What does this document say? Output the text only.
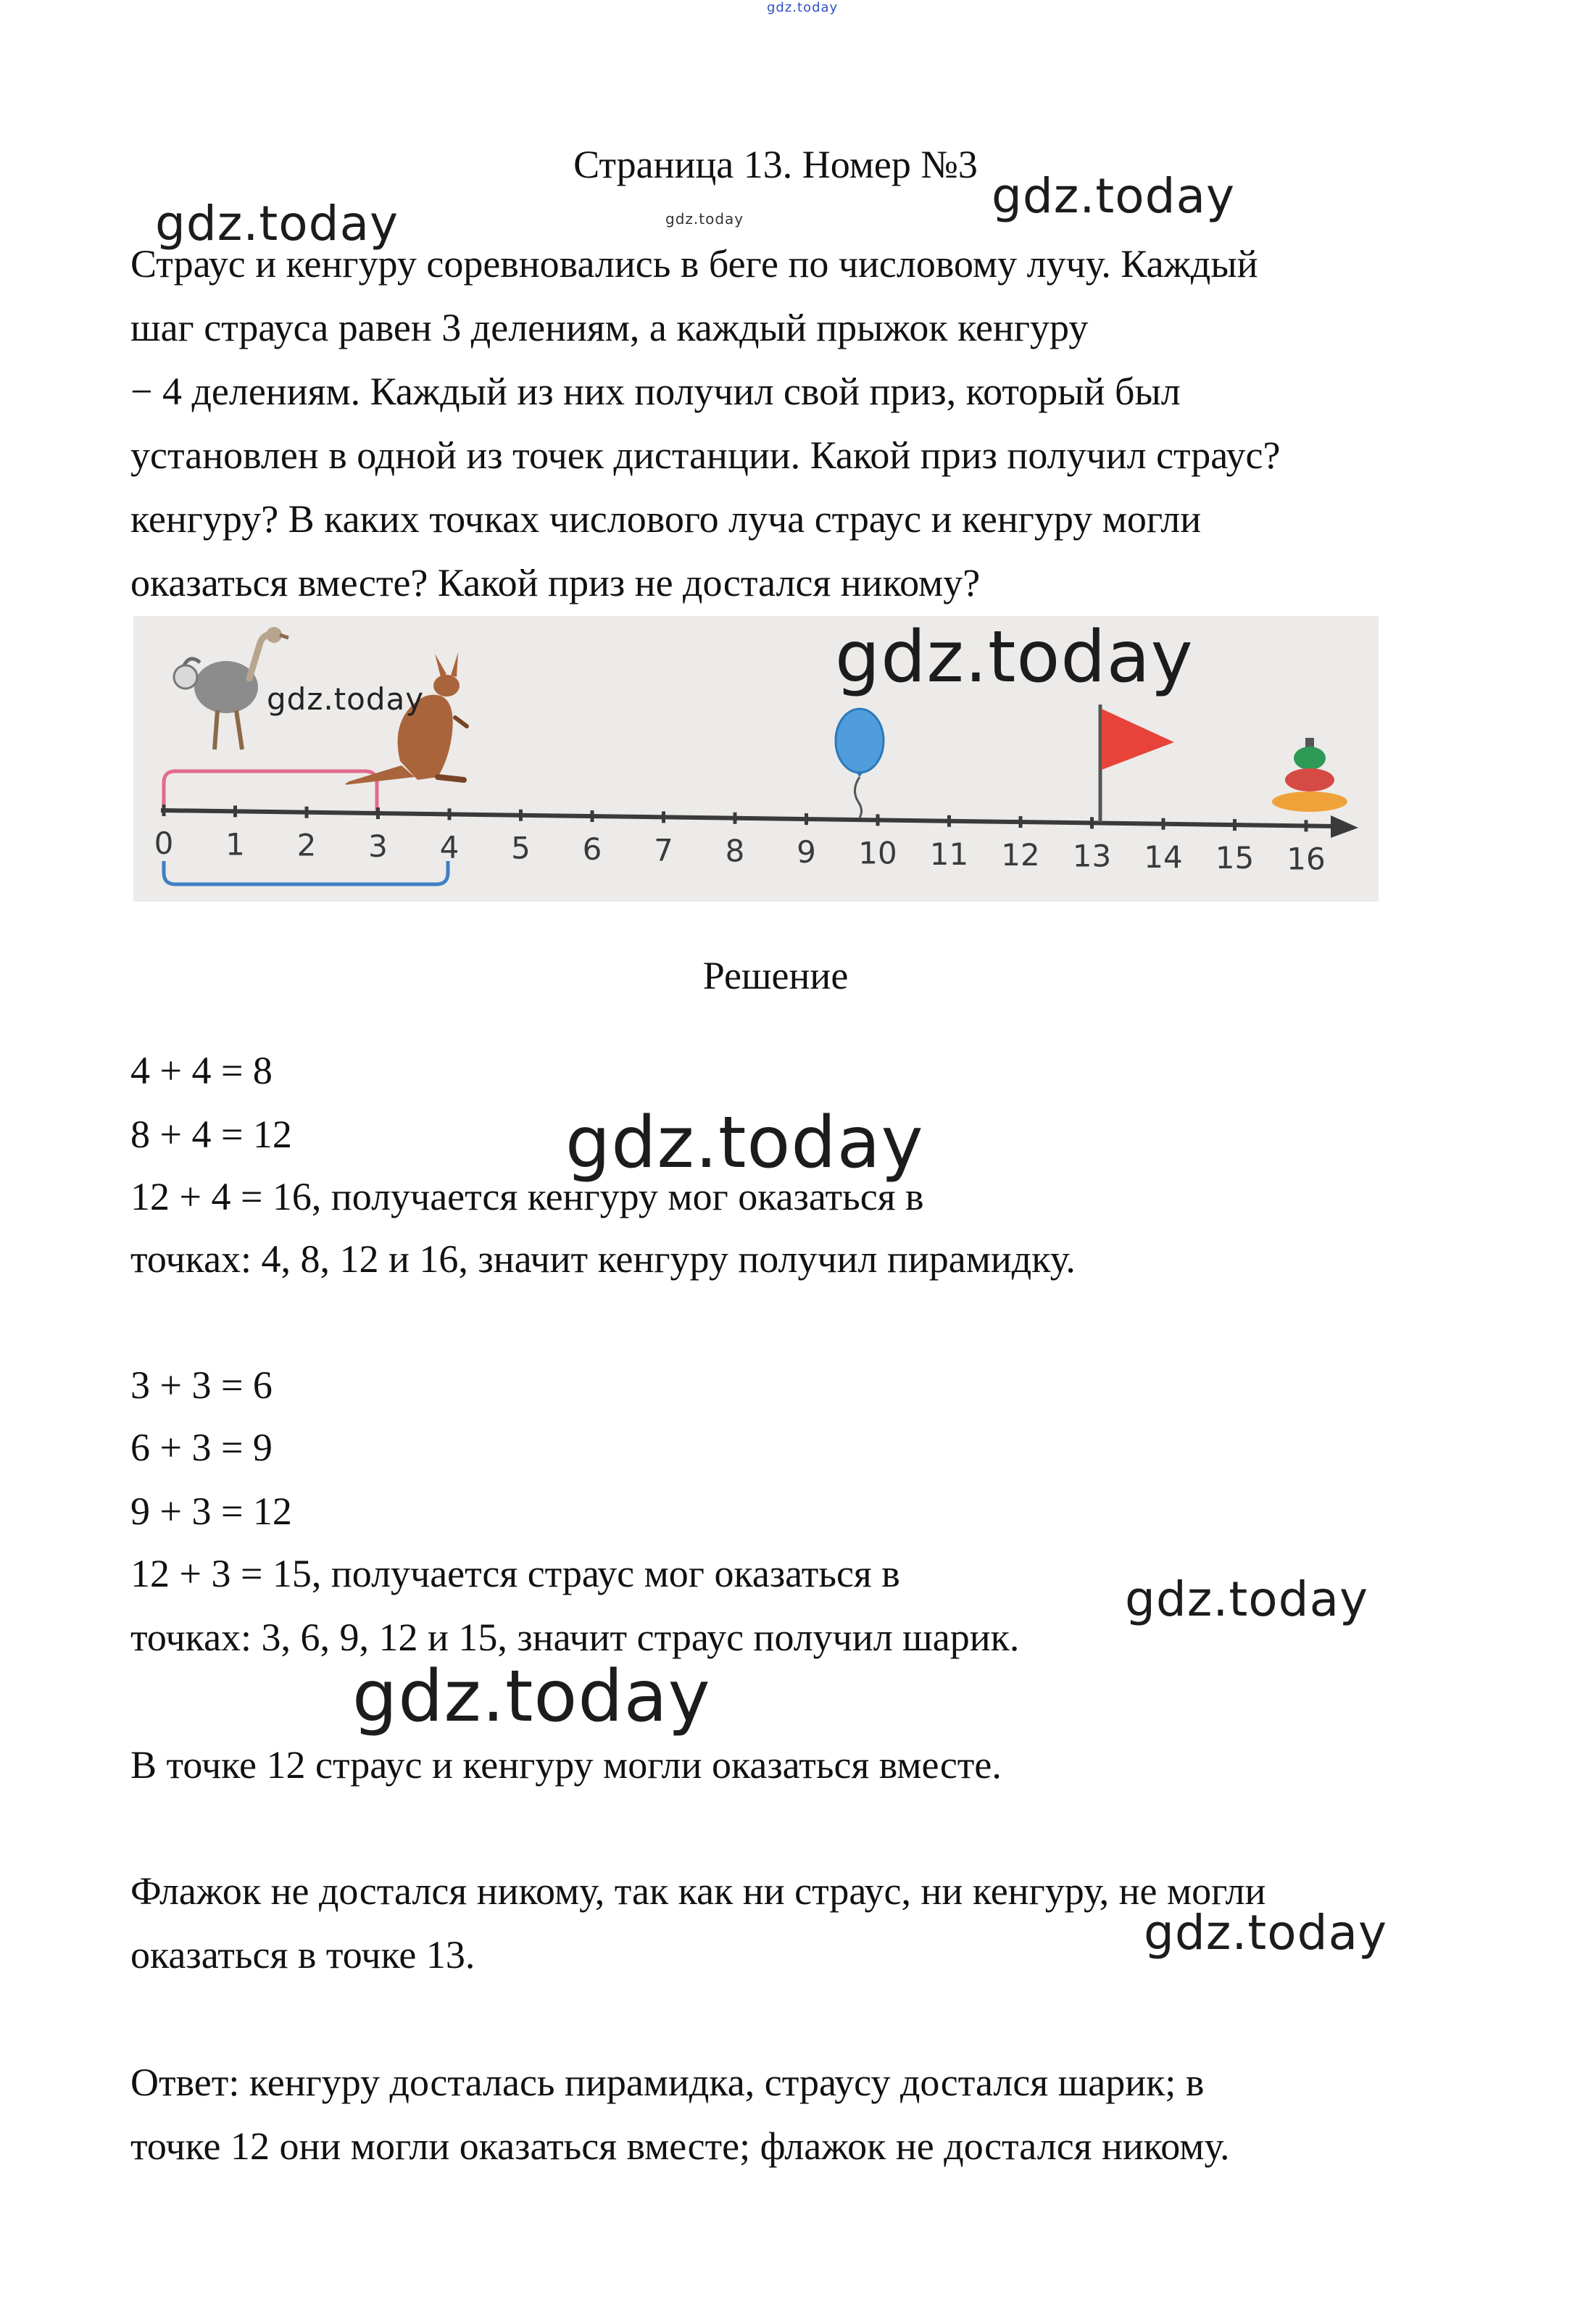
gdz.today
Страница 13. Номер №3
gdz.today	gdz.today
gdz.today
Страус и кенгуру соревновались в беге по числовому лучу. Каждый
шаг страуса равен 3 делениям, а каждый прыжок кенгуру
− 4 делениям. Каждый из них получил свой приз, который был
установлен в одной из точек дистанции. Какой приз получил страус?
кенгуру? В каких точках числового луча страус и кенгуру могли
оказаться вместе? Какой приз не достался никому?
0 1 2 3 4 5 6 7 8 9 10 11 12 13 14 15 16
gdz.today
gdz.today
Решение
4 + 4 = 8
8 + 4 = 12
12 + 4 = 16, получается кенгуру мог оказаться в
точках: 4, 8, 12 и 16, значит кенгуру получил пирамидку.
gdz.today
3 + 3 = 6
6 + 3 = 9
9 + 3 = 12
12 + 3 = 15, получается страус мог оказаться в
точках: 3, 6, 9, 12 и 15, значит страус получил шарик.
gdz.today
gdz.today
В точке 12 страус и кенгуру могли оказаться вместе.
Флажок не достался никому, так как ни страус, ни кенгуру, не могли
оказаться в точке 13.	gdz.today
Ответ: кенгуру досталась пирамидка, страусу достался шарик; в
точке 12 они могли оказаться вместе; флажок не достался никому.
